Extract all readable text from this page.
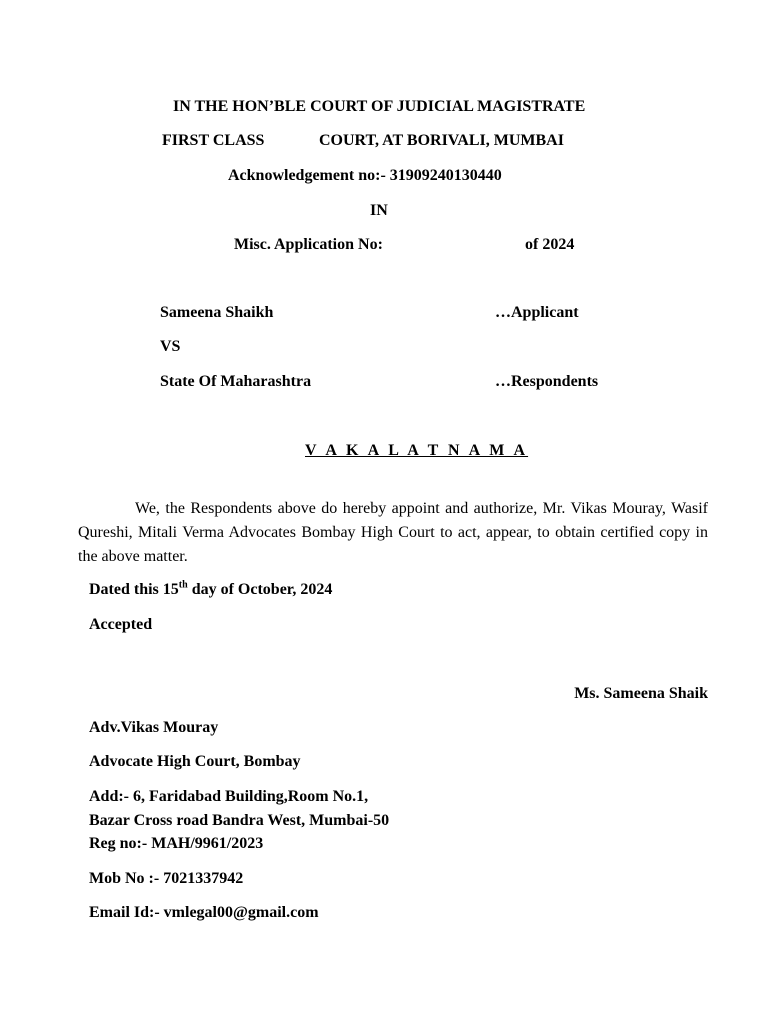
IN THE HON’BLE COURT OF JUDICIAL MAGISTRATE
FIRST CLASS	COURT, AT BORIVALI, MUMBAI
Acknowledgement no:- 31909240130440
IN
Misc. Application No:	of 2024
Sameena Shaikh	…Applicant
VS
State Of Maharashtra	…Respondents
V A K A L A T N A M A
We, the Respondents above do hereby appoint and authorize, Mr. Vikas Mouray, Wasif Qureshi, Mitali Verma Advocates Bombay High Court to act, appear, to obtain certified copy in the above matter.
Dated this 15th day of October, 2024
Accepted
Ms. Sameena Shaik
Adv.Vikas Mouray
Advocate High Court, Bombay
Add:- 6, Faridabad Building,Room No.1,
Bazar Cross road Bandra West, Mumbai-50
Reg no:- MAH/9961/2023
Mob No :- 7021337942
Email Id:- vmlegal00@gmail.com
